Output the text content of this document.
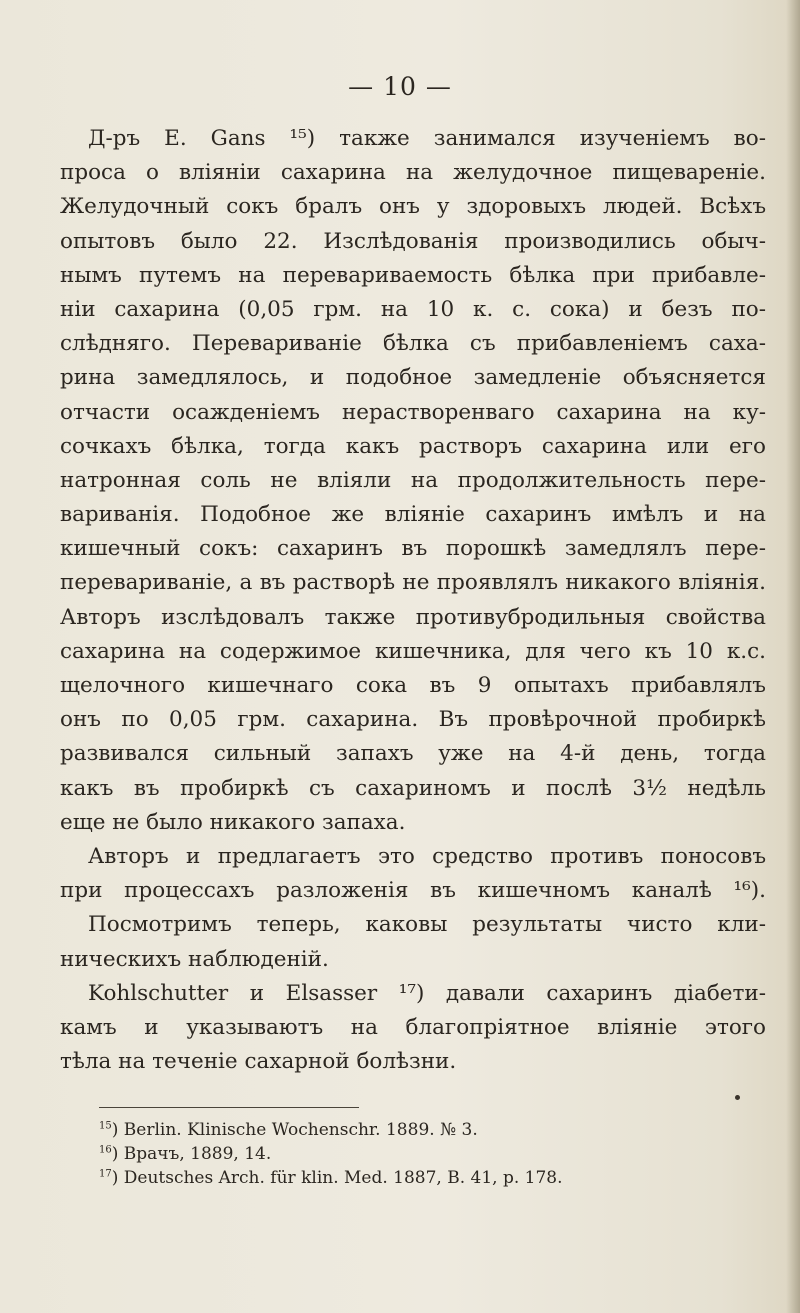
— 10 —
Д-ръ Е. Gans ¹⁵) также занимался изученіемъ во-
проса о вліяніи сахарина на желудочное пищевареніе.
Желудочный сокъ бралъ онъ у здоровыхъ людей. Всѣхъ
опытовъ было 22. Изслѣдованія производились обыч-
нымъ путемъ на перевариваемость бѣлка при прибавле-
ніи сахарина (0,05 грм. на 10 к. с. сока) и безъ по-
слѣдняго. Перевариваніе бѣлка съ прибавленіемъ саха-
рина замедлялось, и подобное замедленіе объясняется
отчасти осажденіемъ нерастворенваго сахарина на ку-
сочкахъ бѣлка, тогда какъ растворъ сахарина или его
натронная соль не вліяли на продолжительность пере-
вариванія. Подобное же вліяніе сахаринъ имѣлъ и на
кишечный сокъ: сахаринъ въ порошкѣ замедлялъ пере-
перевариваніе, а въ растворѣ не проявлялъ никакого вліянія.
Авторъ изслѣдовалъ также противубродильныя свойства
сахарина на содержимое кишечника, для чего къ 10 к.с.
щелочного кишечнаго сока въ 9 опытахъ прибавлялъ
онъ по 0,05 грм. сахарина. Въ провѣрочной пробиркѣ
развивался сильный запахъ уже на 4-й день, тогда
какъ въ пробиркѣ съ сахариномъ и послѣ 3½ недѣль
еще не было никакого запаха.
Авторъ и предлагаетъ это средство противъ поносовъ
при процессахъ разложенія въ кишечномъ каналѣ ¹⁶).
Посмотримъ теперь, каковы результаты чисто кли-
ническихъ наблюденій.
Kohlschutter и Elsasser ¹⁷) давали сахаринъ діабети-
камъ и указываютъ на благопріятное вліяніе этого
тѣла на теченіе сахарной болѣзни.
$^{15}$) Berlin. Klinische Wochenschr. 1889. № 3.
$^{16}$) Врачъ, 1889, 14.
$^{17}$) Deutsches Arch. für klin. Med. 1887, B. 41, p. 178.
